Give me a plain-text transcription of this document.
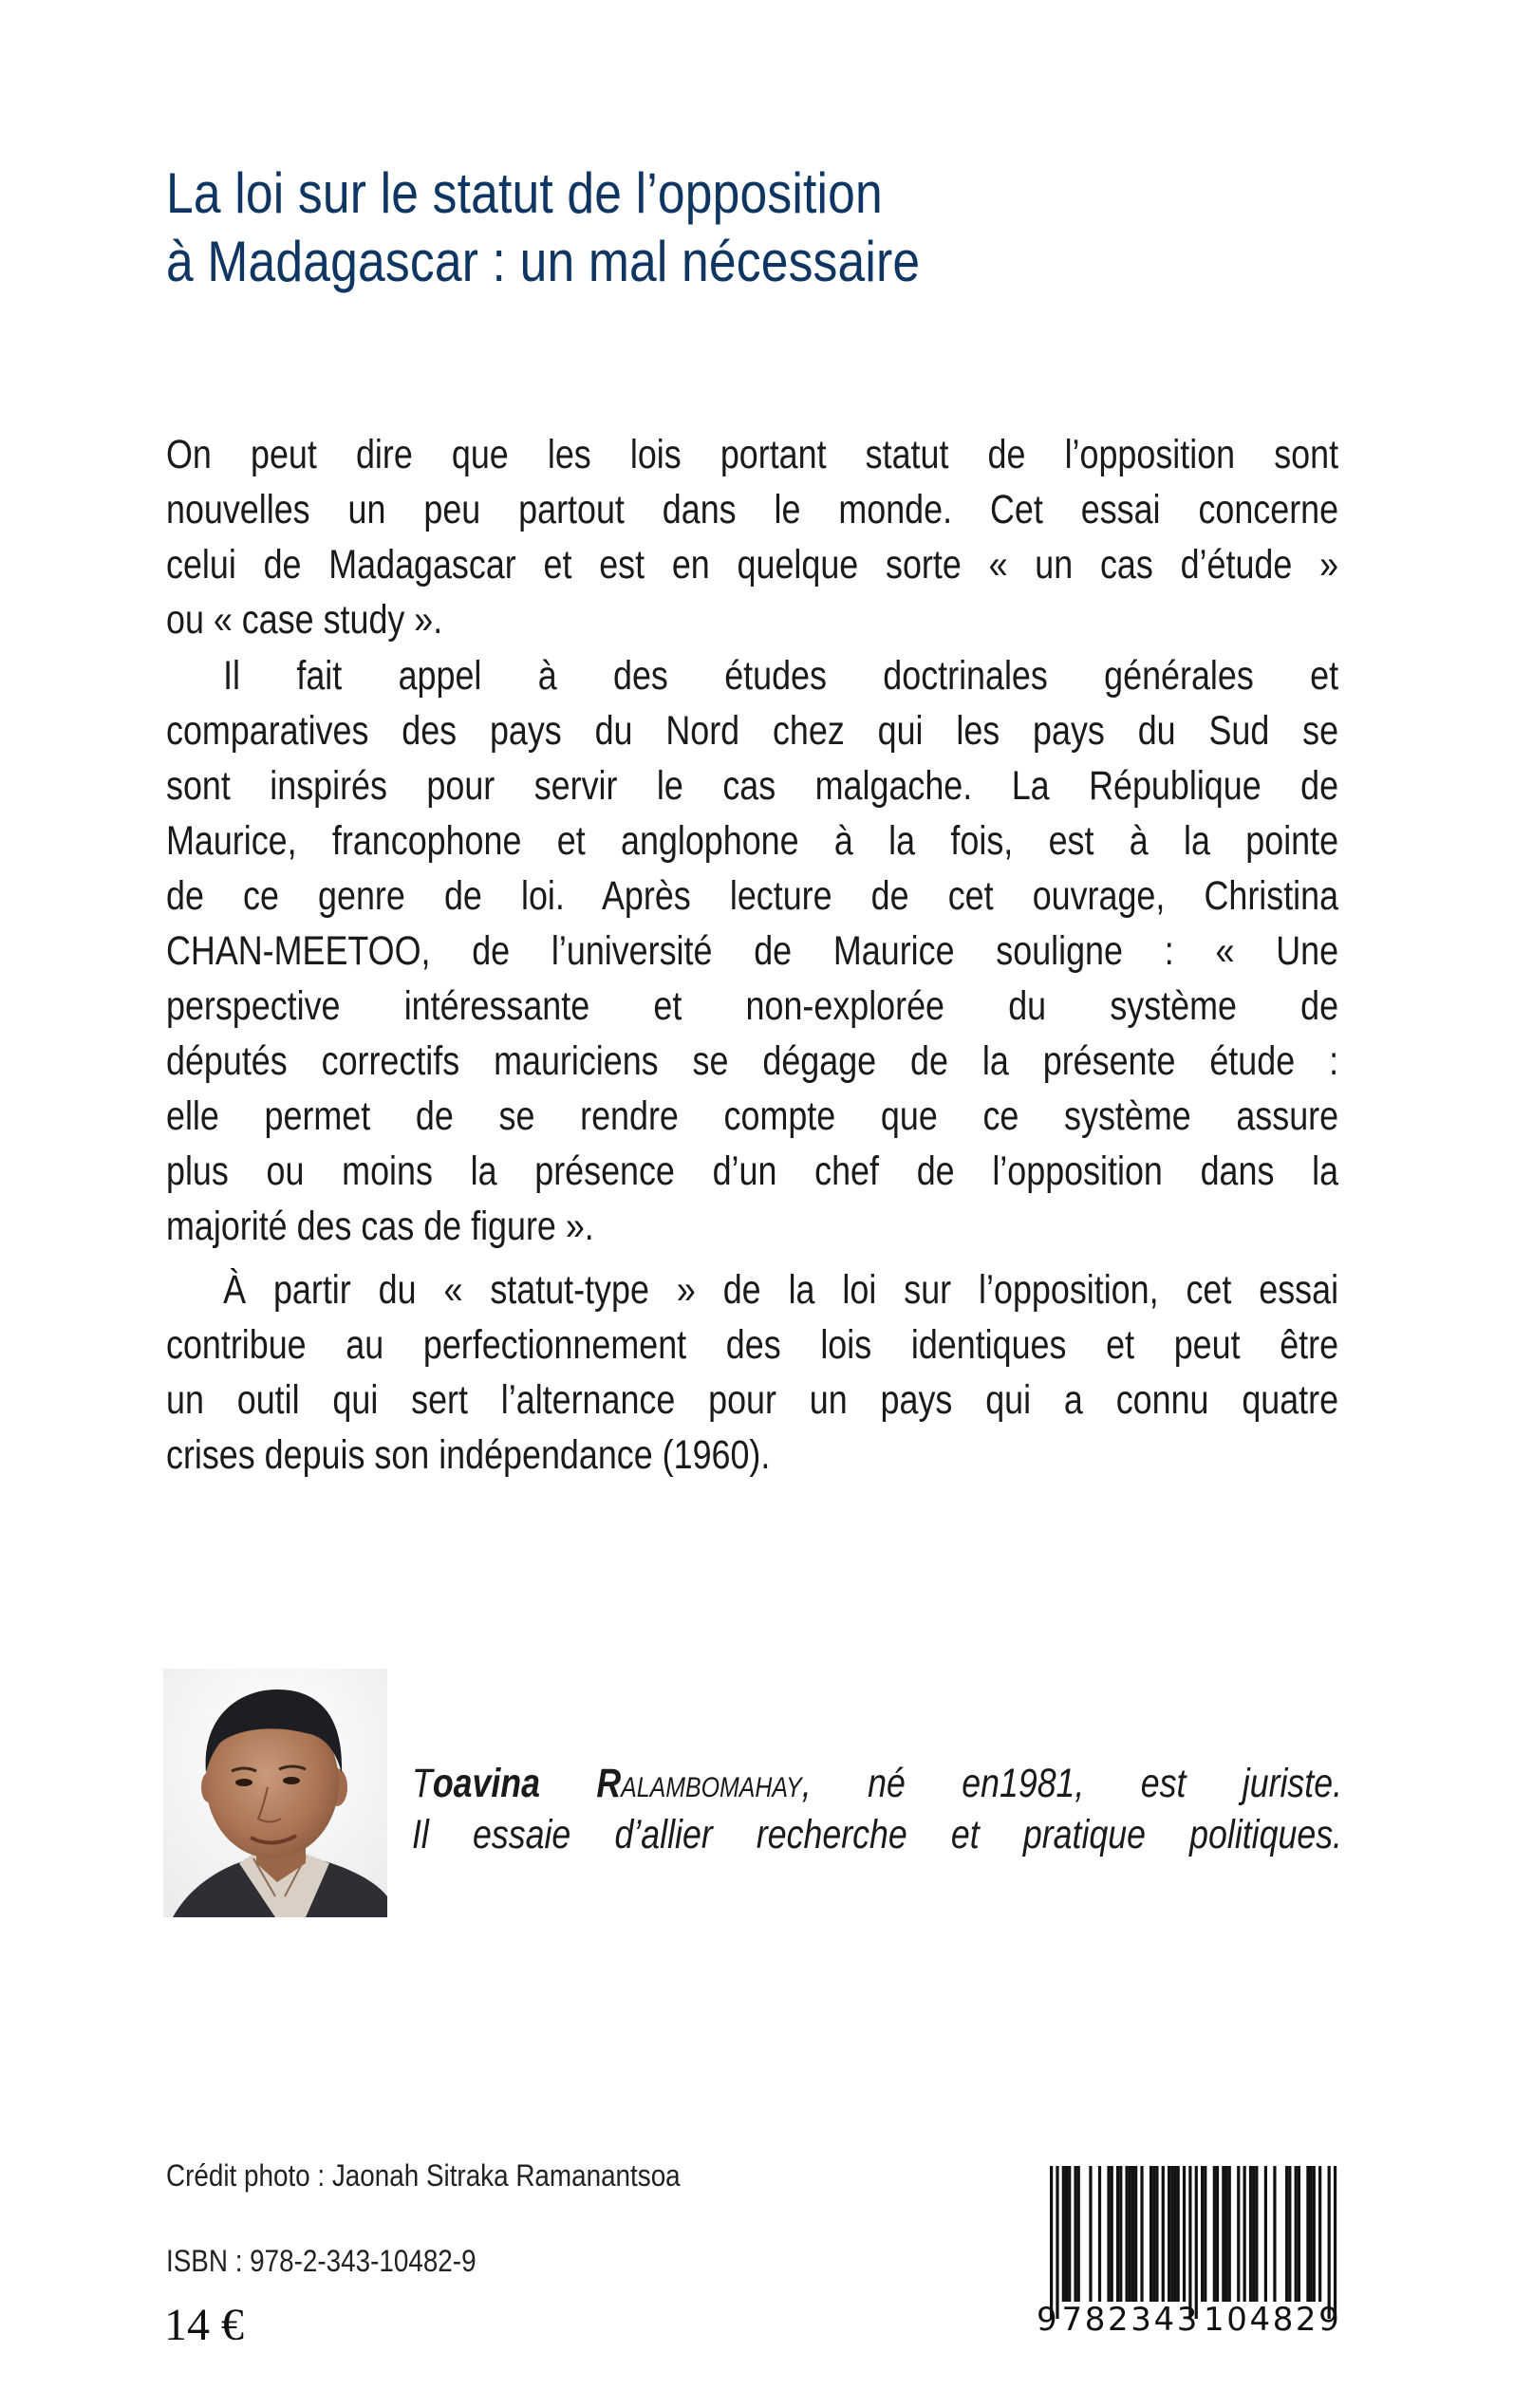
La loi sur le statut de l’opposition
à Madagascar : un mal nécessaire
On peut dire que les lois portant statut de l’opposition sont
nouvelles un peu partout dans le monde. Cet essai concerne
celui de Madagascar et est en quelque sorte « un cas d’étude »
ou « case study ».
Il fait appel à des études doctrinales générales et
comparatives des pays du Nord chez qui les pays du Sud se
sont inspirés pour servir le cas malgache. La République de
Maurice, francophone et anglophone à la fois, est à la pointe
de ce genre de loi. Après lecture de cet ouvrage, Christina
CHAN-MEETOO, de l’université de Maurice souligne : « Une
perspective intéressante et non-explorée du système de
députés correctifs mauriciens se dégage de la présente étude :
elle permet de se rendre compte que ce système assure
plus ou moins la présence d’un chef de l’opposition dans la
majorité des cas de figure ».
À partir du « statut-type » de la loi sur l’opposition, cet essai
contribue au perfectionnement des lois identiques et peut être
un outil qui sert l’alternance pour un pays qui a connu quatre
crises depuis son indépendance (1960).
Toavina Ralambomahay, né en1981, est juriste.
Il essaie d’allier recherche et pratique politiques.
Crédit photo : Jaonah Sitraka Ramanantsoa
ISBN : 978-2-343-10482-9
14 €	9 782343 104829
